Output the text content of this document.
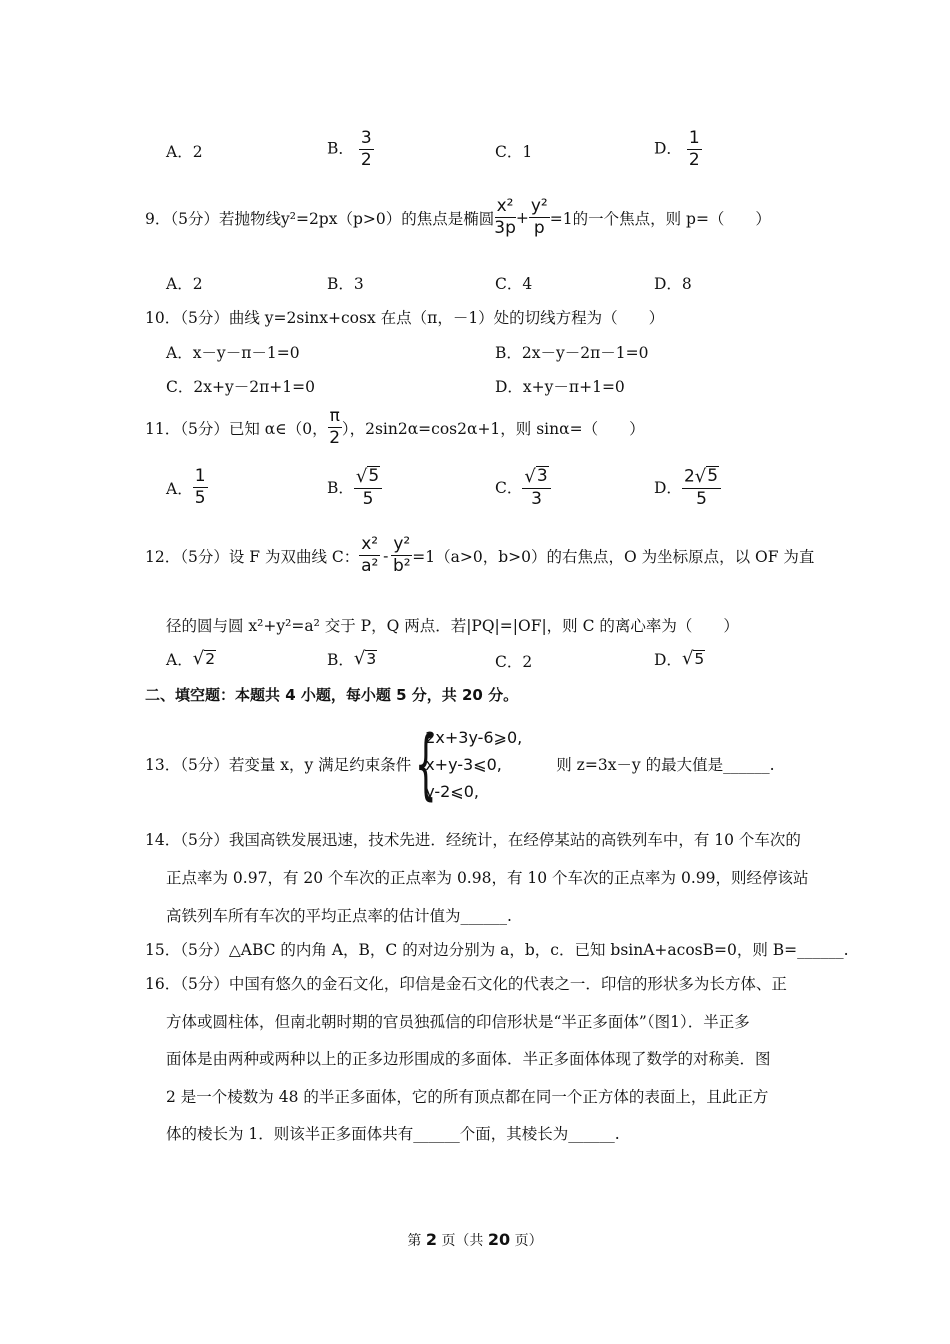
A．2	B． $\frac{3}{2}$	C．1	D． $\frac{1}{2}$
9．（5分）若抛物线 y²=2px（p>0）的焦点是椭圆 $\frac{\text{x²}}{3p} + \frac{\text{y²}}{p} =1$的一个焦点，则 p=（　　）
A．2	B．3	C．4	D．8
10．（5分）曲线 y=2sinx+cosx 在点（π，－1）处的切线方程为（　　）
A．x－y－π－1=0	B．2x－y－2π－1=0
C．2x+y－2π+1=0	D．x+y－π+1=0
11．（5分）已知 α∈（0， $\frac{\pi}{2}$ ），2sin2α=cos2α+1，则 sinα=（　　）
A． $\frac{1}{5}$	B． $\frac{√ 5}{5}$	C． $\frac{√ 3}{3}$	D． $\frac{2 √ 5}{5}$
12．（5分）设 F 为双曲线 C： $\frac{\text{x²}}{\text{a²}} - \frac{\text{y²}}{\text{b²}} =1(a>0$，b>0）的右焦点，O 为坐标原点，以 OF 为直
径的圆与圆 x²+y²=a² 交于 P，Q 两点．若|PQ|=|OF|，则 C 的离心率为（　　）
A． √ 2	B． √ 3	C．2	D． √ 5
二、填空题：本题共 4 小题，每小题 5 分，共 20 分。
13．（5分）若变量 x，y 满足约束条件 {
2x+3y-6⩾0,
x+y-3⩽0,
y-2⩽0,
则 z=3x－y 的最大值是______.
14．（5分）我国高铁发展迅速，技术先进．经统计，在经停某站的高铁列车中，有 10 个车次的
正点率为 0.97，有 20 个车次的正点率为 0.98，有 10 个车次的正点率为 0.99，则经停该站
高铁列车所有车次的平均正点率的估计值为______.
15．（5分）△ABC 的内角 A，B，C 的对边分别为 a，b，c．已知 bsinA+acosB=0，则 B=______.
16．（5分）中国有悠久的金石文化，印信是金石文化的代表之一．印信的形状多为长方体、正
方体或圆柱体，但南北朝时期的官员独孤信的印信形状是“半正多面体”（图1）．半正多
面体是由两种或两种以上的正多边形围成的多面体．半正多面体体现了数学的对称美．图
2 是一个棱数为 48 的半正多面体，它的所有顶点都在同一个正方体的表面上，且此正方
体的棱长为 1．则该半正多面体共有______个面，其棱长为______.
第 2 页（共 20 页）
